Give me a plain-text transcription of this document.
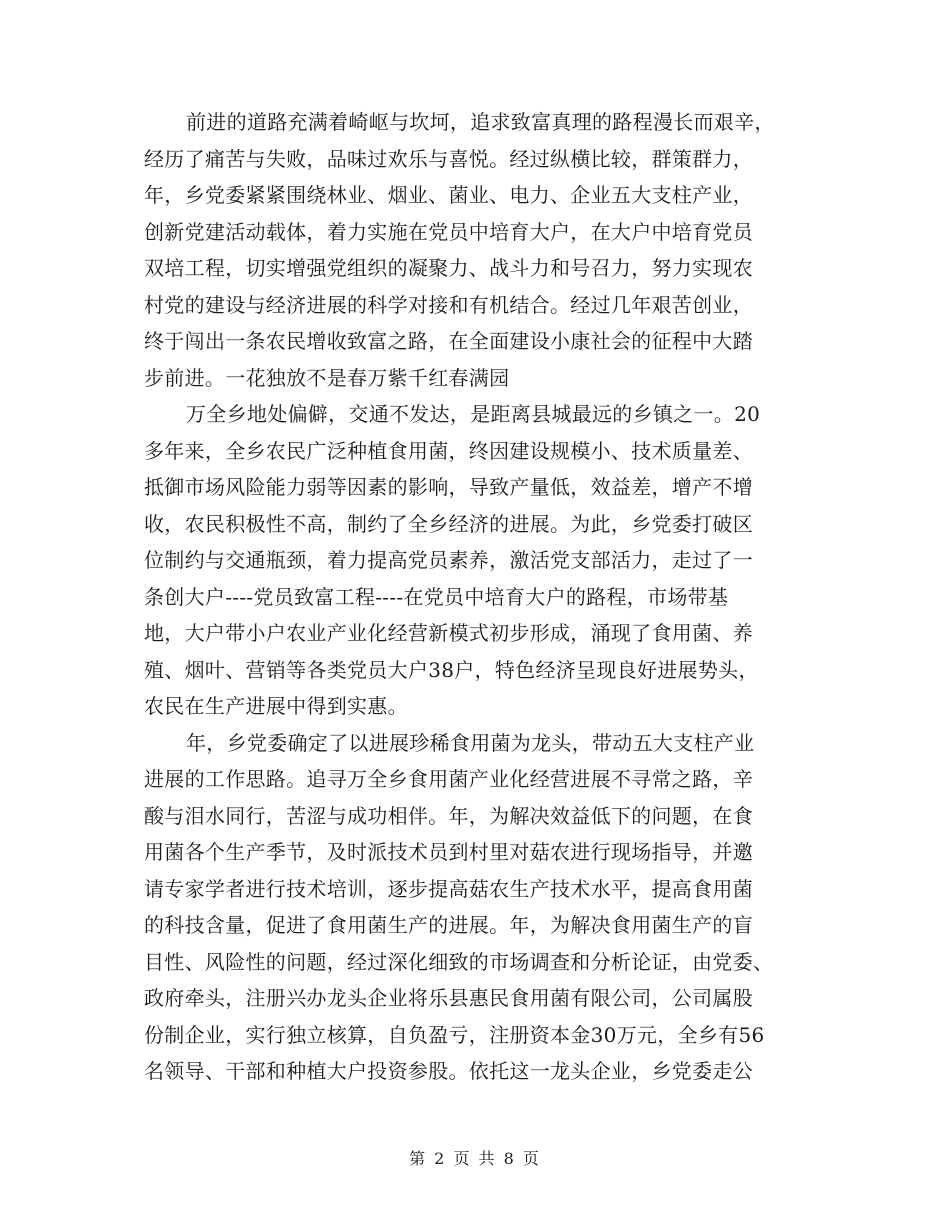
前进的道路充满着崎岖与坎坷，追求致富真理的路程漫长而艰辛，
经历了痛苦与失败，品味过欢乐与喜悦。经过纵横比较，群策群力，
年，乡党委紧紧围绕林业、烟业、菌业、电力、企业五大支柱产业，
创新党建活动载体，着力实施在党员中培育大户，在大户中培育党员
双培工程，切实增强党组织的凝聚力、战斗力和号召力，努力实现农
村党的建设与经济进展的科学对接和有机结合。经过几年艰苦创业，
终于闯出一条农民增收致富之路，在全面建设小康社会的征程中大踏
步前进。一花独放不是春万紫千红春满园
万全乡地处偏僻，交通不发达，是距离县城最远的乡镇之一。20
多年来，全乡农民广泛种植食用菌，终因建设规模小、技术质量差、
抵御市场风险能力弱等因素的影响，导致产量低，效益差，增产不增
收，农民积极性不高，制约了全乡经济的进展。为此，乡党委打破区
位制约与交通瓶颈，着力提高党员素养，激活党支部活力，走过了一
条创大户----党员致富工程----在党员中培育大户的路程，市场带基
地，大户带小户农业产业化经营新模式初步形成，涌现了食用菌、养
殖、烟叶、营销等各类党员大户38户，特色经济呈现良好进展势头，
农民在生产进展中得到实惠。
年，乡党委确定了以进展珍稀食用菌为龙头，带动五大支柱产业
进展的工作思路。追寻万全乡食用菌产业化经营进展不寻常之路，辛
酸与泪水同行，苦涩与成功相伴。年，为解决效益低下的问题，在食
用菌各个生产季节，及时派技术员到村里对菇农进行现场指导，并邀
请专家学者进行技术培训，逐步提高菇农生产技术水平，提高食用菌
的科技含量，促进了食用菌生产的进展。年，为解决食用菌生产的盲
目性、风险性的问题，经过深化细致的市场调查和分析论证，由党委、
政府牵头，注册兴办龙头企业将乐县惠民食用菌有限公司，公司属股
份制企业，实行独立核算，自负盈亏，注册资本金30万元，全乡有56
名领导、干部和种植大户投资参股。依托这一龙头企业，乡党委走公
第 2 页 共 8 页
